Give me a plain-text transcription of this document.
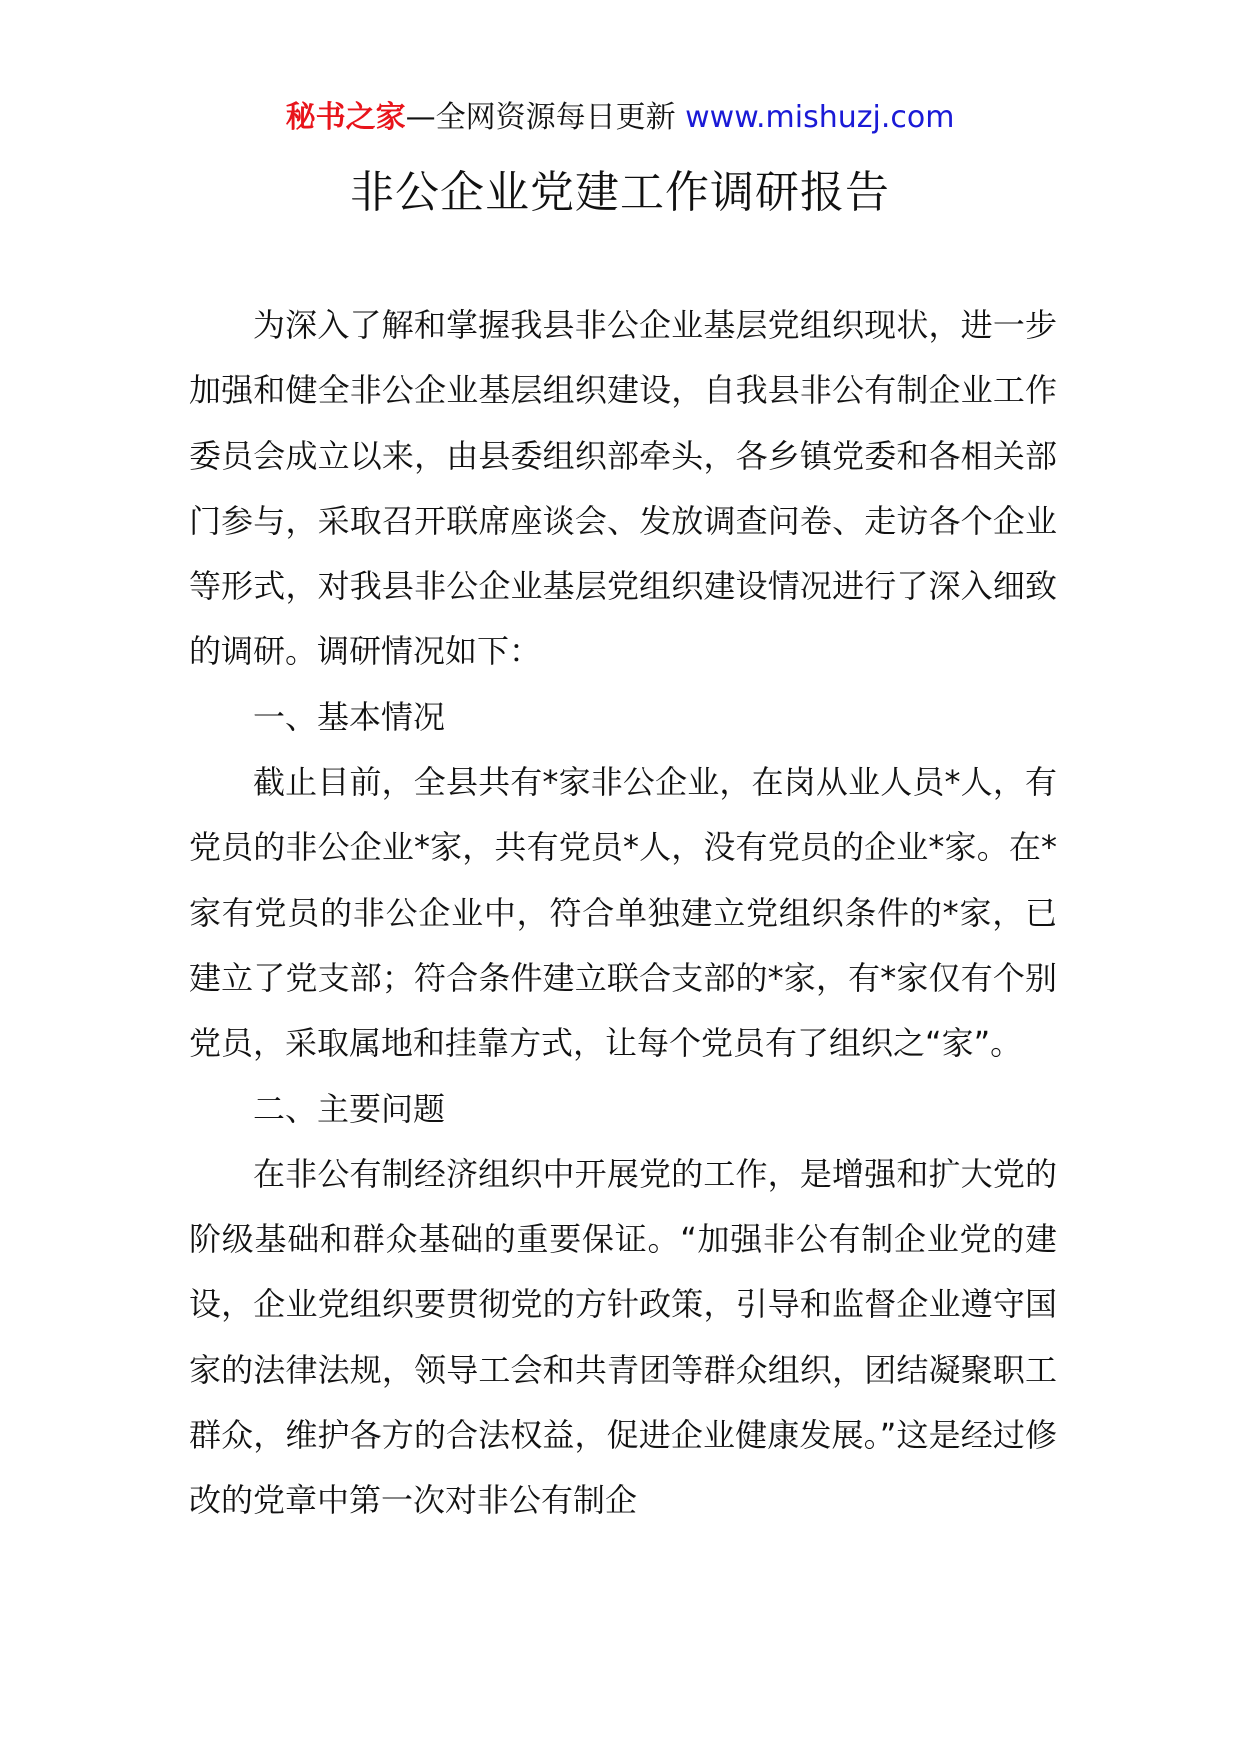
秘书之家—全网资源每日更新 www.mishuzj.com
非公企业党建工作调研报告

为深入了解和掌握我县非公企业基层党组织现状，进一步加强和健全非公企业基层组织建设，自我县非公有制企业工作委员会成立以来，由县委组织部牵头，各乡镇党委和各相关部门参与，采取召开联席座谈会、发放调查问卷、走访各个企业等形式，对我县非公企业基层党组织建设情况进行了深入细致的调研。调研情况如下：

一、基本情况

截止目前，全县共有*家非公企业，在岗从业人员*人，有党员的非公企业*家，共有党员*人，没有党员的企业*家。在*家有党员的非公企业中，符合单独建立党组织条件的*家，已建立了党支部；符合条件建立联合支部的*家，有*家仅有个别党员，采取属地和挂靠方式，让每个党员有了组织之“家”。

二、主要问题

在非公有制经济组织中开展党的工作，是增强和扩大党的阶级基础和群众基础的重要保证。“加强非公有制企业党的建设，企业党组织要贯彻党的方针政策，引导和监督企业遵守国家的法律法规，领导工会和共青团等群众组织，团结凝聚职工群众，维护各方的合法权益，促进企业健康发展。”这是经过修改的党章中第一次对非公有制企
